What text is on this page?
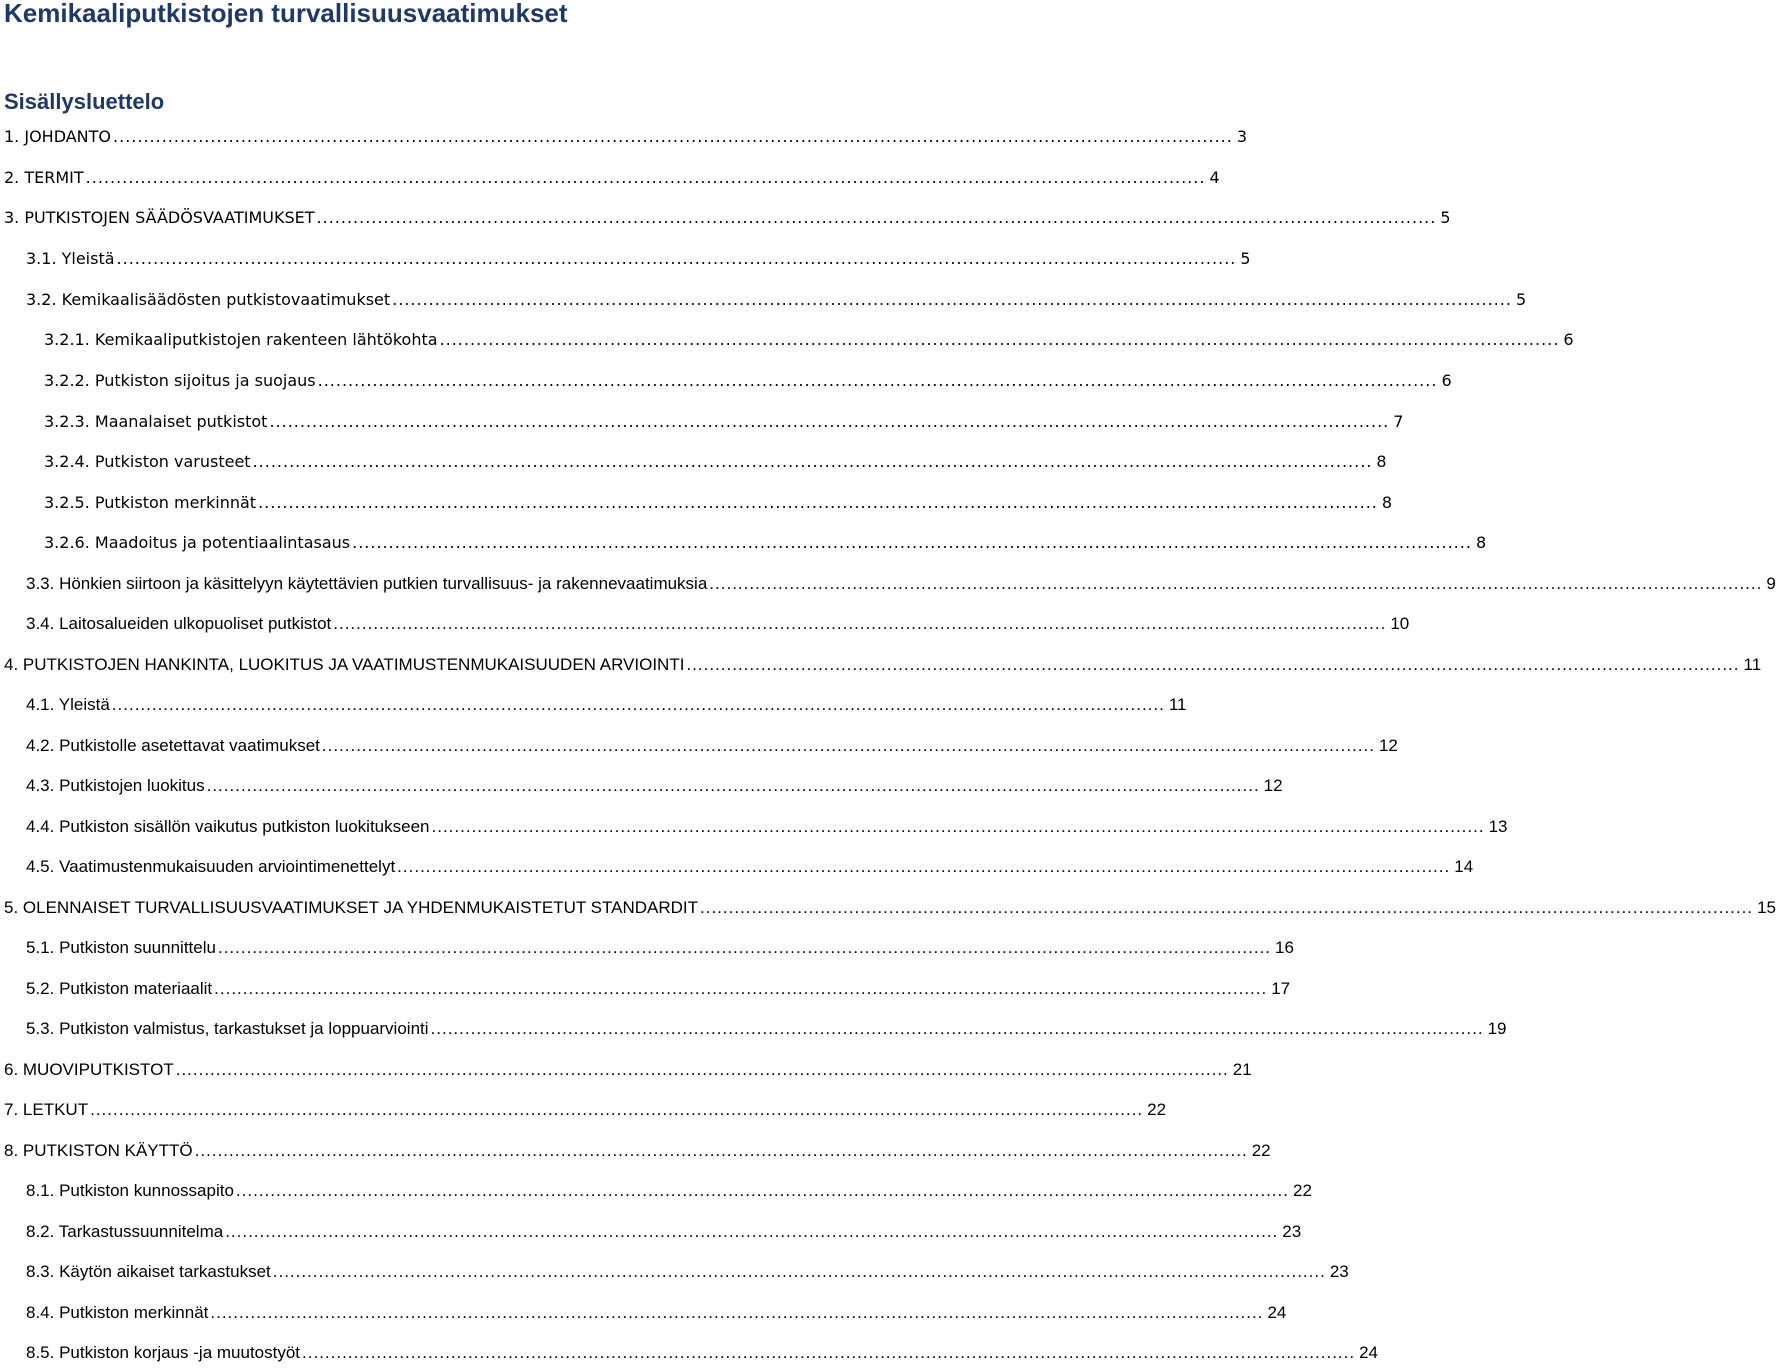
Kemikaaliputkistojen turvallisuusvaatimukset
Sisällysluettelo
1. JOHDANTO ........................................................................................................................................................................................ 3
2. TERMIT ........................................................................................................................................................................................ 4
3. PUTKISTOJEN SÄÄDÖSVAATIMUKSET ........................................................................................................................................................................................ 5
3.1. Yleistä ........................................................................................................................................................................................ 5
3.2. Kemikaalisäädösten putkistovaatimukset ........................................................................................................................................................................................ 5
3.2.1. Kemikaaliputkistojen rakenteen lähtökohta ........................................................................................................................................................................................ 6
3.2.2. Putkiston sijoitus ja suojaus ........................................................................................................................................................................................ 6
3.2.3. Maanalaiset putkistot ........................................................................................................................................................................................ 7
3.2.4. Putkiston varusteet ........................................................................................................................................................................................ 8
3.2.5. Putkiston merkinnät ........................................................................................................................................................................................ 8
3.2.6. Maadoitus ja potentiaalintasaus ........................................................................................................................................................................................ 8
3.3. Hönkien siirtoon ja käsittelyyn käytettävien putkien turvallisuus- ja rakennevaatimuksia ........................................................................................................................................................................................ 9
3.4. Laitosalueiden ulkopuoliset putkistot ........................................................................................................................................................................................ 10
4. PUTKISTOJEN HANKINTA, LUOKITUS JA VAATIMUSTENMUKAISUUDEN ARVIOINTI ........................................................................................................................................................................................ 11
4.1. Yleistä ........................................................................................................................................................................................ 11
4.2. Putkistolle asetettavat vaatimukset ........................................................................................................................................................................................ 12
4.3. Putkistojen luokitus ........................................................................................................................................................................................ 12
4.4. Putkiston sisällön vaikutus putkiston luokitukseen ........................................................................................................................................................................................ 13
4.5. Vaatimustenmukaisuuden arviointimenettelyt ........................................................................................................................................................................................ 14
5. OLENNAISET TURVALLISUUSVAATIMUKSET JA YHDENMUKAISTETUT STANDARDIT ........................................................................................................................................................................................ 15
5.1. Putkiston suunnittelu ........................................................................................................................................................................................ 16
5.2. Putkiston materiaalit ........................................................................................................................................................................................ 17
5.3. Putkiston valmistus, tarkastukset ja loppuarviointi ........................................................................................................................................................................................ 19
6. MUOVIPUTKISTOT ........................................................................................................................................................................................ 21
7. LETKUT ........................................................................................................................................................................................ 22
8. PUTKISTON KÄYTTÖ ........................................................................................................................................................................................ 22
8.1. Putkiston kunnossapito ........................................................................................................................................................................................ 22
8.2. Tarkastussuunnitelma ........................................................................................................................................................................................ 23
8.3. Käytön aikaiset tarkastukset ........................................................................................................................................................................................ 23
8.4. Putkiston merkinnät ........................................................................................................................................................................................ 24
8.5. Putkiston korjaus -ja muutostyöt ........................................................................................................................................................................................ 24
